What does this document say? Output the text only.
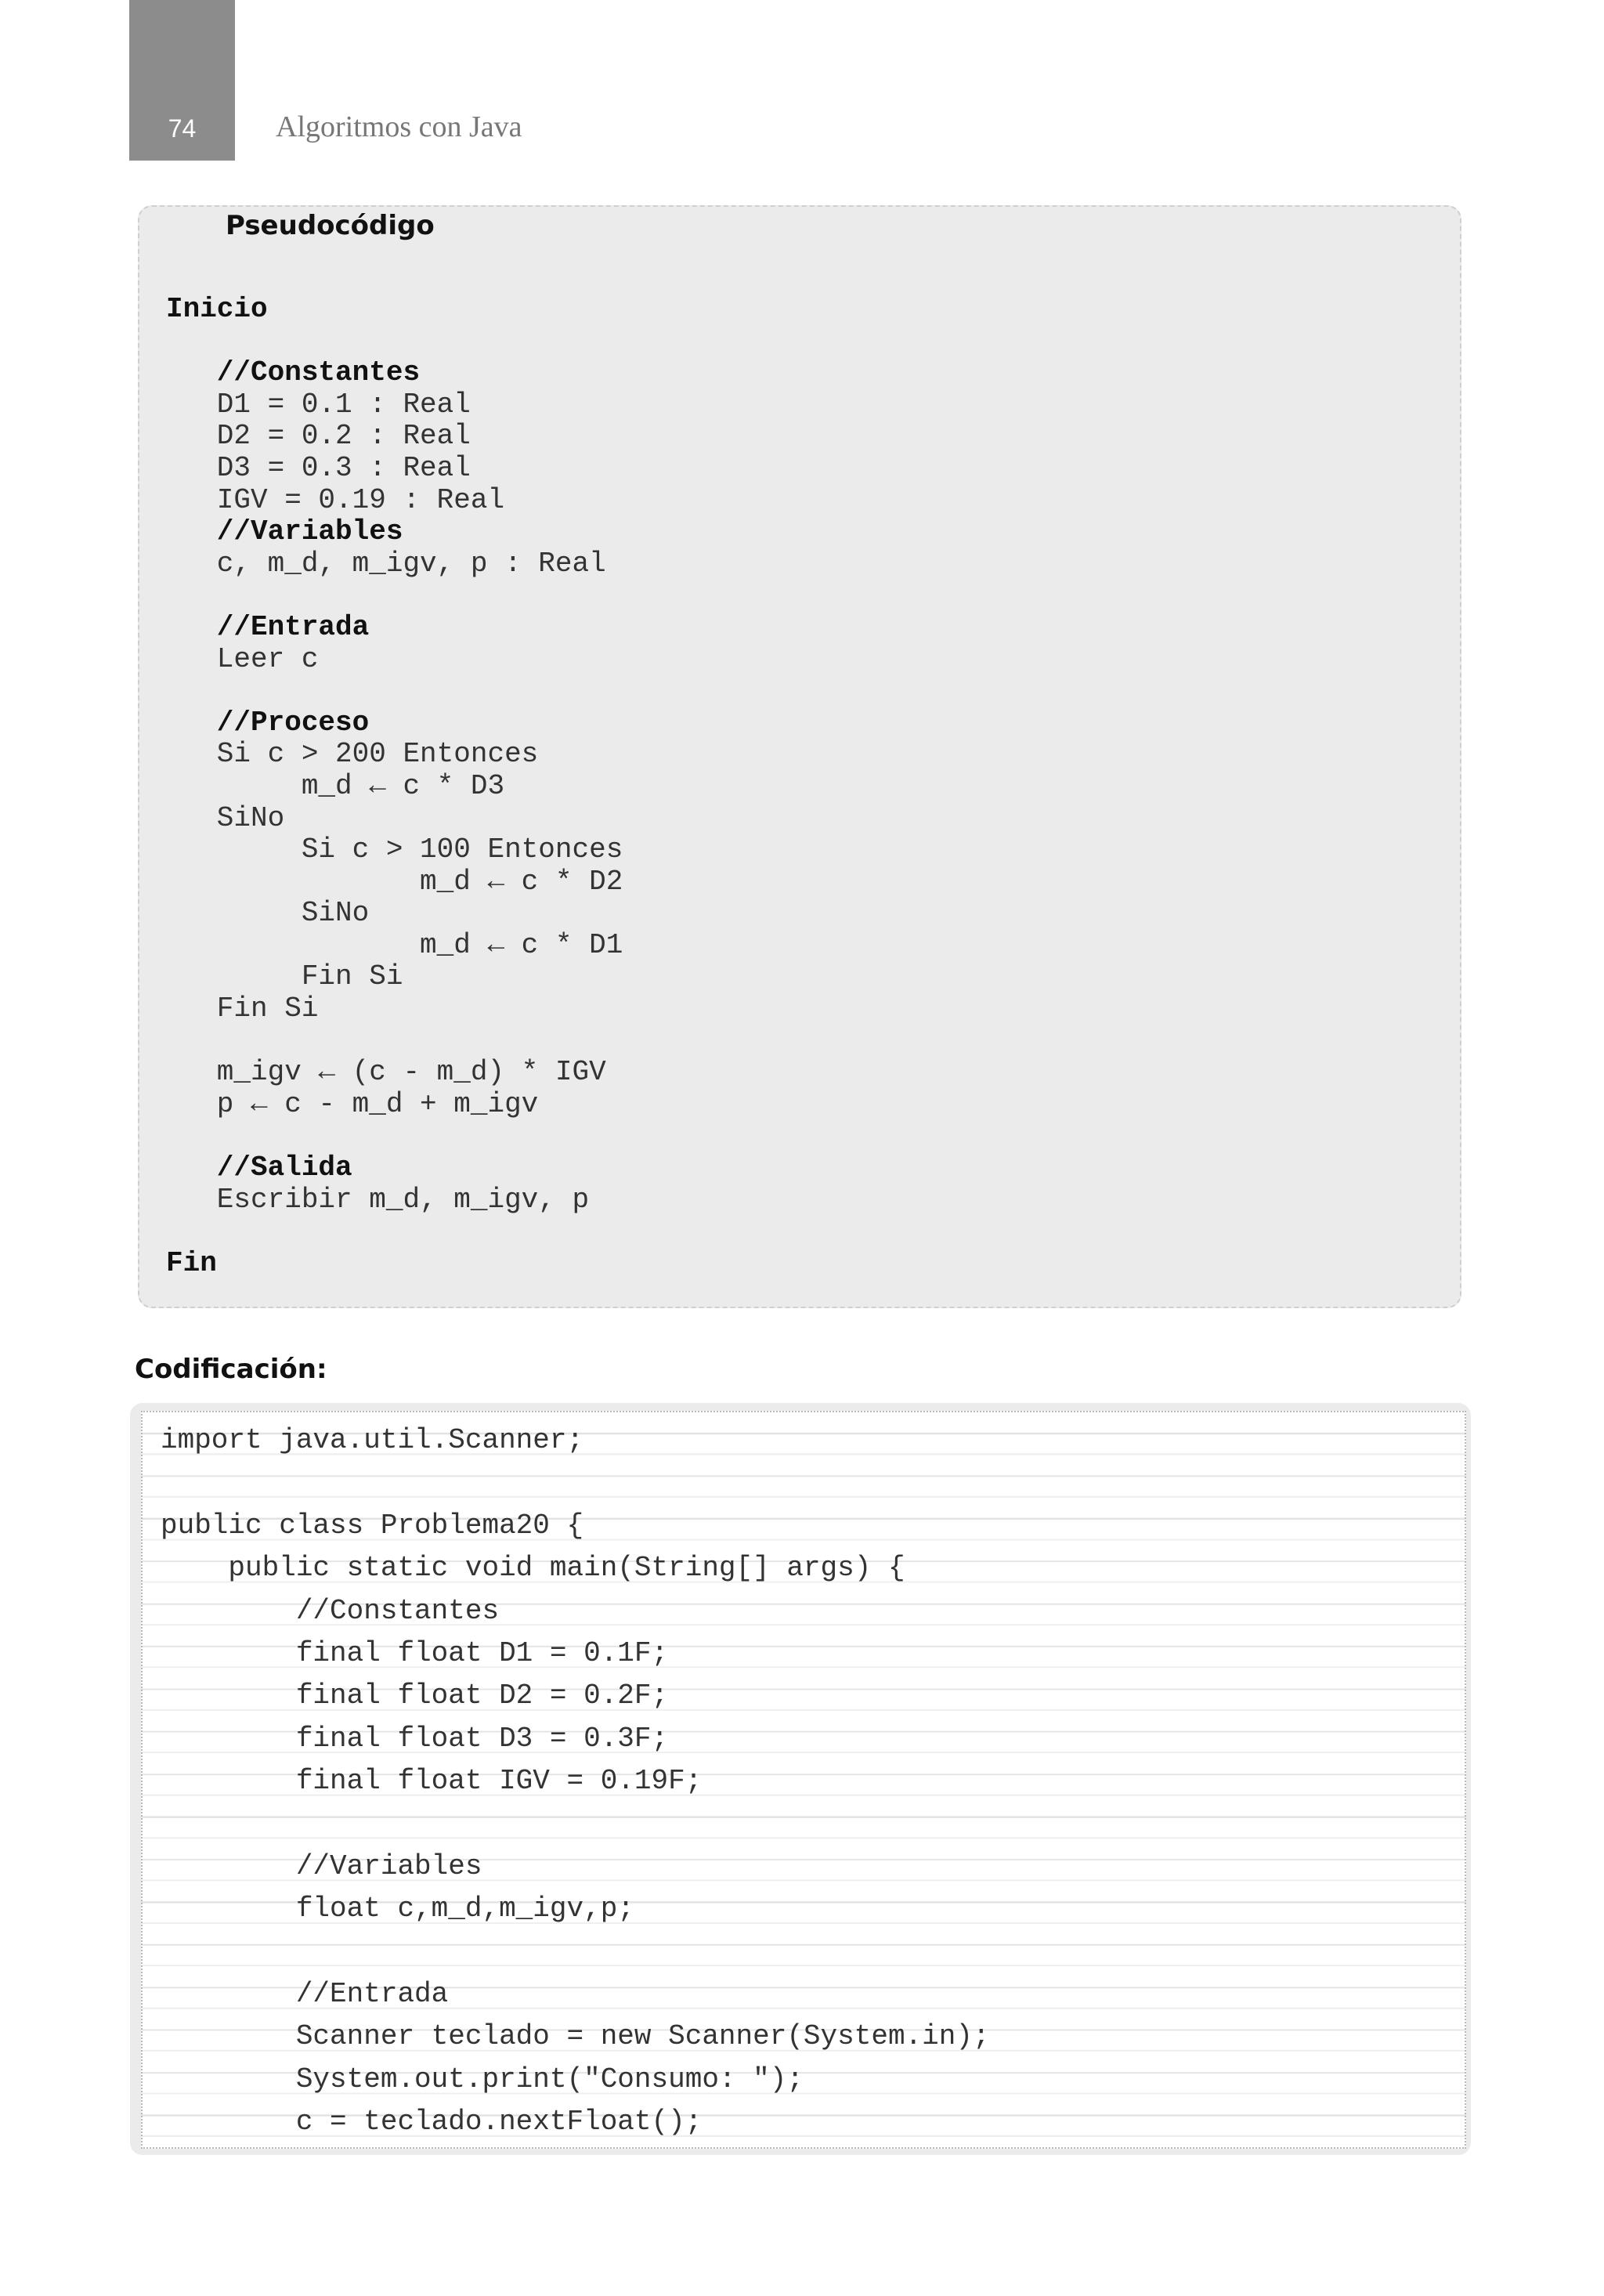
74	Algoritmos con Java
Pseudocódigo
Inicio
//Constantes
D1 = 0.1 : Real
D2 = 0.2 : Real
D3 = 0.3 : Real
IGV = 0.19 : Real
//Variables
c, m_d, m_igv, p : Real
//Entrada
Leer c
//Proceso
Si c > 200 Entonces
m_d ← c * D3
SiNo
Si c > 100 Entonces
m_d ← c * D2
SiNo
m_d ← c * D1
Fin Si
Fin Si
m_igv ← (c - m_d) * IGV
p ← c - m_d + m_igv
//Salida
Escribir m_d, m_igv, p
Fin
Codificación:
import java.util.Scanner;
public class Problema20 {
public static void main(String[] args) {
//Constantes
final float D1 = 0.1F;
final float D2 = 0.2F;
final float D3 = 0.3F;
final float IGV = 0.19F;
//Variables
float c,m_d,m_igv,p;
//Entrada
Scanner teclado = new Scanner(System.in);
System.out.print("Consumo: ");
c = teclado.nextFloat();
